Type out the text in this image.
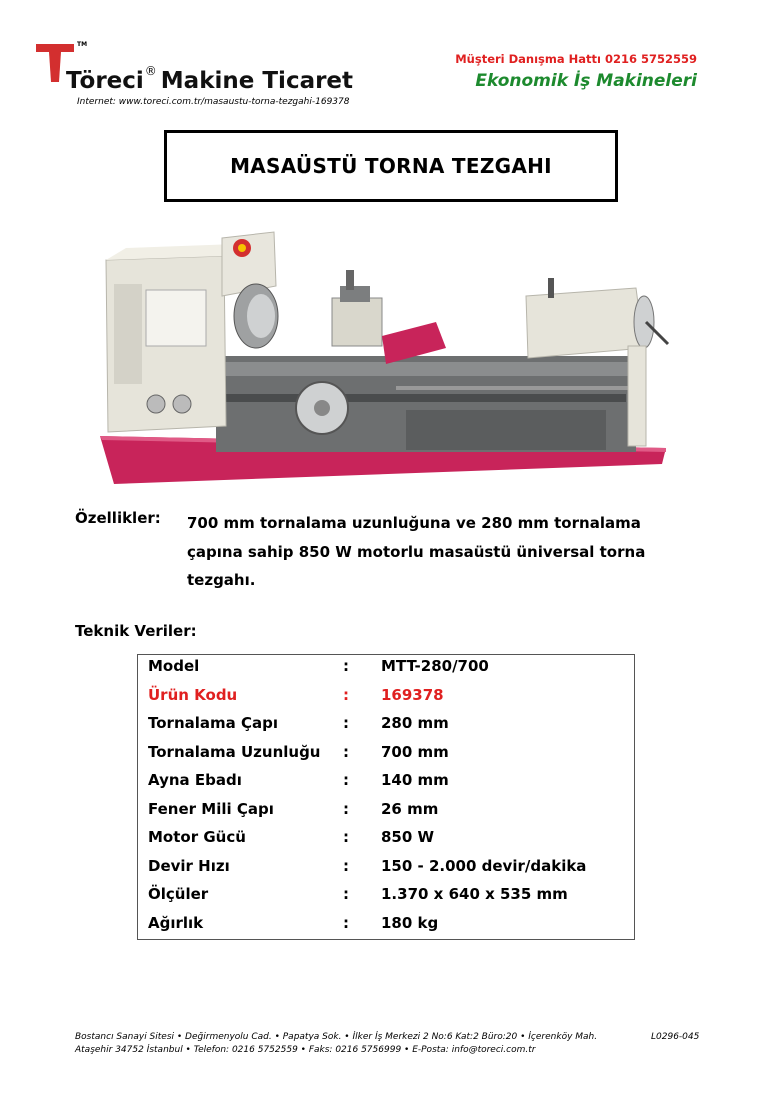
TM
Töreci® Makine Ticaret
Internet: www.toreci.com.tr/masaustu-torna-tezgahi-169378
Müşteri Danışma Hattı 0216 5752559
Ekonomik İş Makineleri
MASAÜSTÜ TORNA TEZGAHI
Özellikler: 700 mm tornalama uzunluğuna ve 280 mm tornalama
çapına sahip 850 W motorlu masaüstü üniversal torna
tezgahı.
Teknik Veriler:
Model	: MTT-280/700
Ürün Kodu	: 169378
Tornalama Çapı	: 280 mm
Tornalama Uzunluğu : 700 mm
Ayna Ebadı	: 140 mm
Fener Mili Çapı	: 26 mm
Motor Gücü	: 850 W
Devir Hızı	: 150 - 2.000 devir/dakika
Ölçüler	: 1.370 x 640 x 535 mm
Ağırlık	: 180 kg
Bostancı Sanayi Sitesi • Değirmenyolu Cad. • Papatya Sok. • İlker İş Merkezi 2 No:6 Kat:2 Büro:20 • İçerenköy Mah.
Ataşehir 34752 İstanbul • Telefon: 0216 5752559 • Faks: 0216 5756999 • E-Posta: info@toreci.com.tr
L0296-045
